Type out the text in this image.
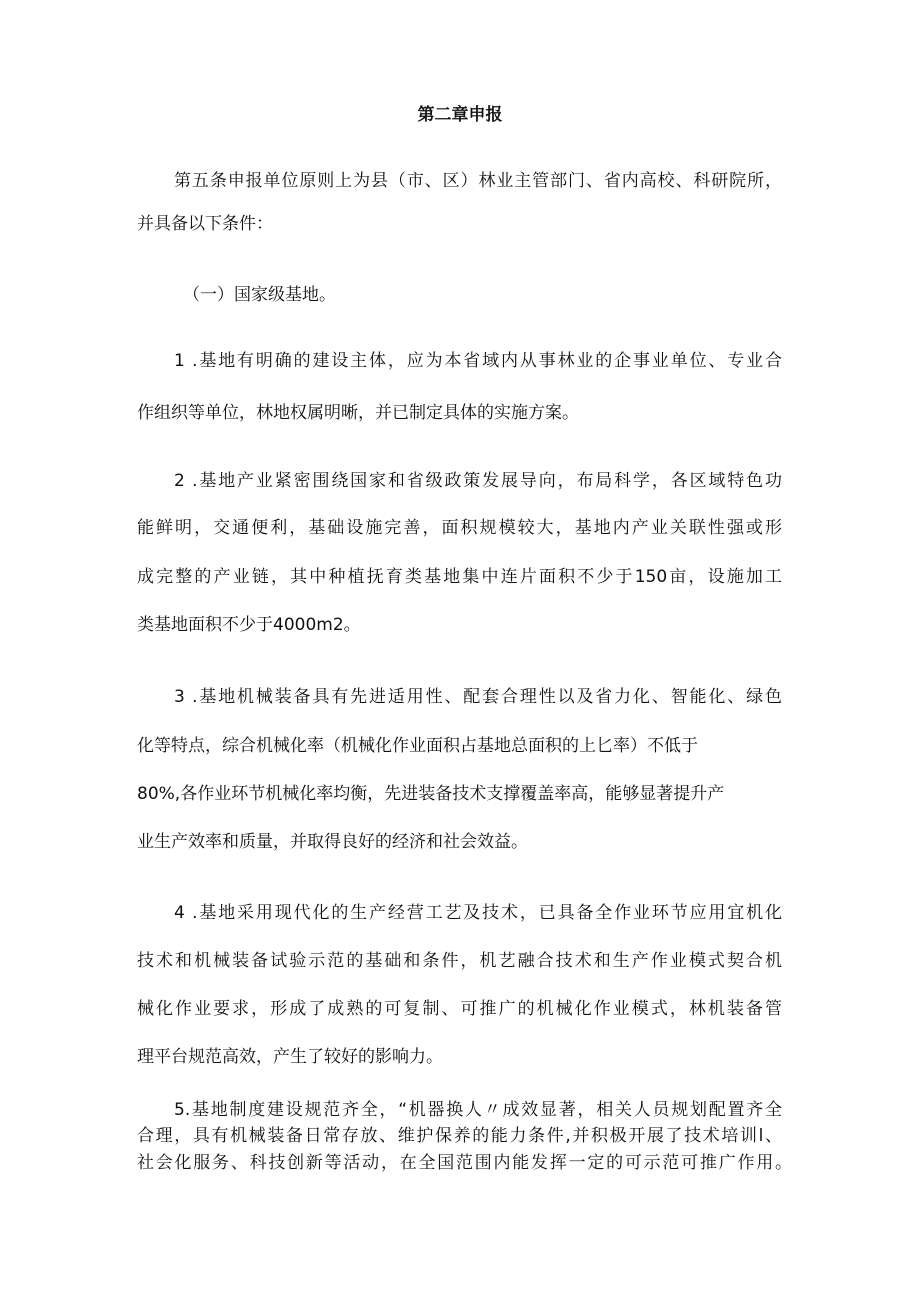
第二章申报
第五条申报单位原则上为县（市、区）林业主管部门、省内高校、科研院所，
并具备以下条件：
（一）国家级基地。
1 .基地有明确的建设主体，应为本省域内从事林业的企事业单位、专业合
作组织等单位，林地权属明晰，并已制定具体的实施方案。
2 .基地产业紧密围绕国家和省级政策发展导向，布局科学，各区域特色功
能鲜明，交通便利，基础设施完善，面积规模较大，基地内产业关联性强或形
成完整的产业链，其中种植抚育类基地集中连片面积不少于150亩，设施加工
类基地面积不少于4000m2。
3 .基地机械装备具有先进适用性、配套合理性以及省力化、智能化、绿色
化等特点，综合机械化率（机械化作业面积占基地总面积的上匕率）不低于
80%,各作业环节机械化率均衡，先进装备技术支撑覆盖率高，能够显著提升产
业生产效率和质量，并取得良好的经济和社会效益。
4 .基地采用现代化的生产经营工艺及技术，已具备全作业环节应用宜机化
技术和机械装备试验示范的基础和条件，机艺融合技术和生产作业模式契合机
械化作业要求，形成了成熟的可复制、可推广的机械化作业模式，林机装备管
理平台规范高效，产生了较好的影响力。
5.基地制度建设规范齐全，“机器换人〃成效显著，相关人员规划配置齐全
合理，具有机械装备日常存放、维护保养的能力条件,并积极开展了技术培训l、
社会化服务、科技创新等活动，在全国范围内能发挥一定的可示范可推广作用。
